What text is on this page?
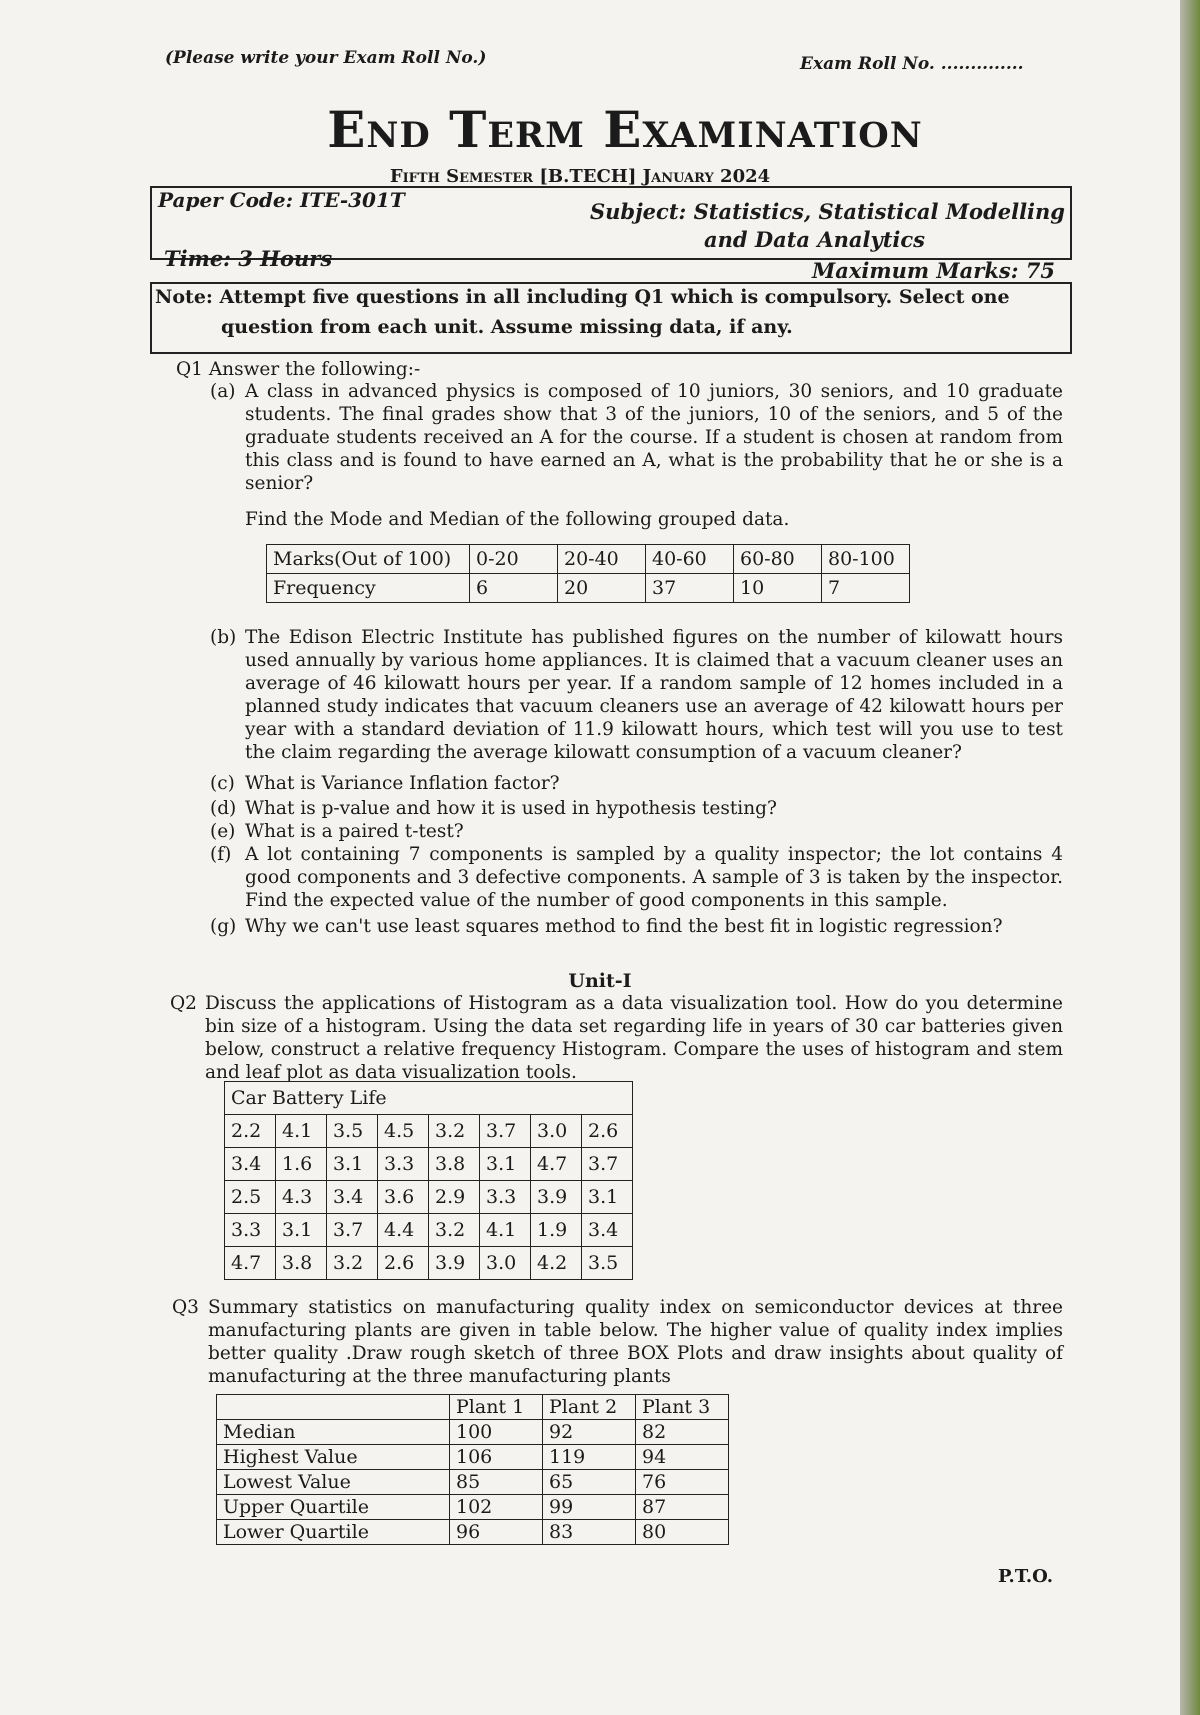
(Please write your Exam Roll No.)	Exam Roll No. ..............
End Term Examination
Fifth Semester [B.TECH] January 2024
Paper Code: ITE-301T	Subject: Statistics, Statistical Modelling
and Data Analytics
Time: 3 Hours	Maximum Marks: 75
Note: Attempt five questions in all including Q1 which is compulsory. Select one
question from each unit. Assume missing data, if any.
Q1 Answer the following:-
(a) A class in advanced physics is composed of 10 juniors, 30 seniors, and 10 graduate students. The final grades show that 3 of the juniors, 10 of the seniors, and 5 of the graduate students received an A for the course. If a student is chosen at random from this class and is found to have earned an A, what is the probability that he or she is a senior?
Find the Mode and Median of the following grouped data.
Marks(Out of 100)	0-20	20-40	40-60	60-80	80-100
Frequency	6	20	37	10	7
(b) The Edison Electric Institute has published figures on the number of kilowatt hours used annually by various home appliances. It is claimed that a vacuum cleaner uses an average of 46 kilowatt hours per year. If a random sample of 12 homes included in a planned study indicates that vacuum cleaners use an average of 42 kilowatt hours per year with a standard deviation of 11.9 kilowatt hours, which test will you use to test the claim regarding the average kilowatt consumption of a vacuum cleaner?
(c) What is Variance Inflation factor?
(d) What is p-value and how it is used in hypothesis testing?
(e) What is a paired t-test?
(f) A lot containing 7 components is sampled by a quality inspector; the lot contains 4 good components and 3 defective components. A sample of 3 is taken by the inspector. Find the expected value of the number of good components in this sample.
(g) Why we can't use least squares method to find the best fit in logistic regression?
Unit-I
Q2 Discuss the applications of Histogram as a data visualization tool. How do you determine bin size of a histogram. Using the data set regarding life in years of 30 car batteries given below, construct a relative frequency Histogram. Compare the uses of histogram and stem and leaf plot as data visualization tools.
Car Battery Life							
2.2	4.1	3.5	4.5	3.2	3.7	3.0	2.6
3.4	1.6	3.1	3.3	3.8	3.1	4.7	3.7
2.5	4.3	3.4	3.6	2.9	3.3	3.9	3.1
3.3	3.1	3.7	4.4	3.2	4.1	1.9	3.4
4.7	3.8	3.2	2.6	3.9	3.0	4.2	3.5
Q3 Summary statistics on manufacturing quality index on semiconductor devices at three manufacturing plants are given in table below. The higher value of quality index implies better quality .Draw rough sketch of three BOX Plots and draw insights about quality of manufacturing at the three manufacturing plants
	Plant 1	Plant 2	Plant 3
Median	100	92	82
Highest Value	106	119	94
Lowest Value	85	65	76
Upper Quartile	102	99	87
Lower Quartile	96	83	80
P.T.O.
